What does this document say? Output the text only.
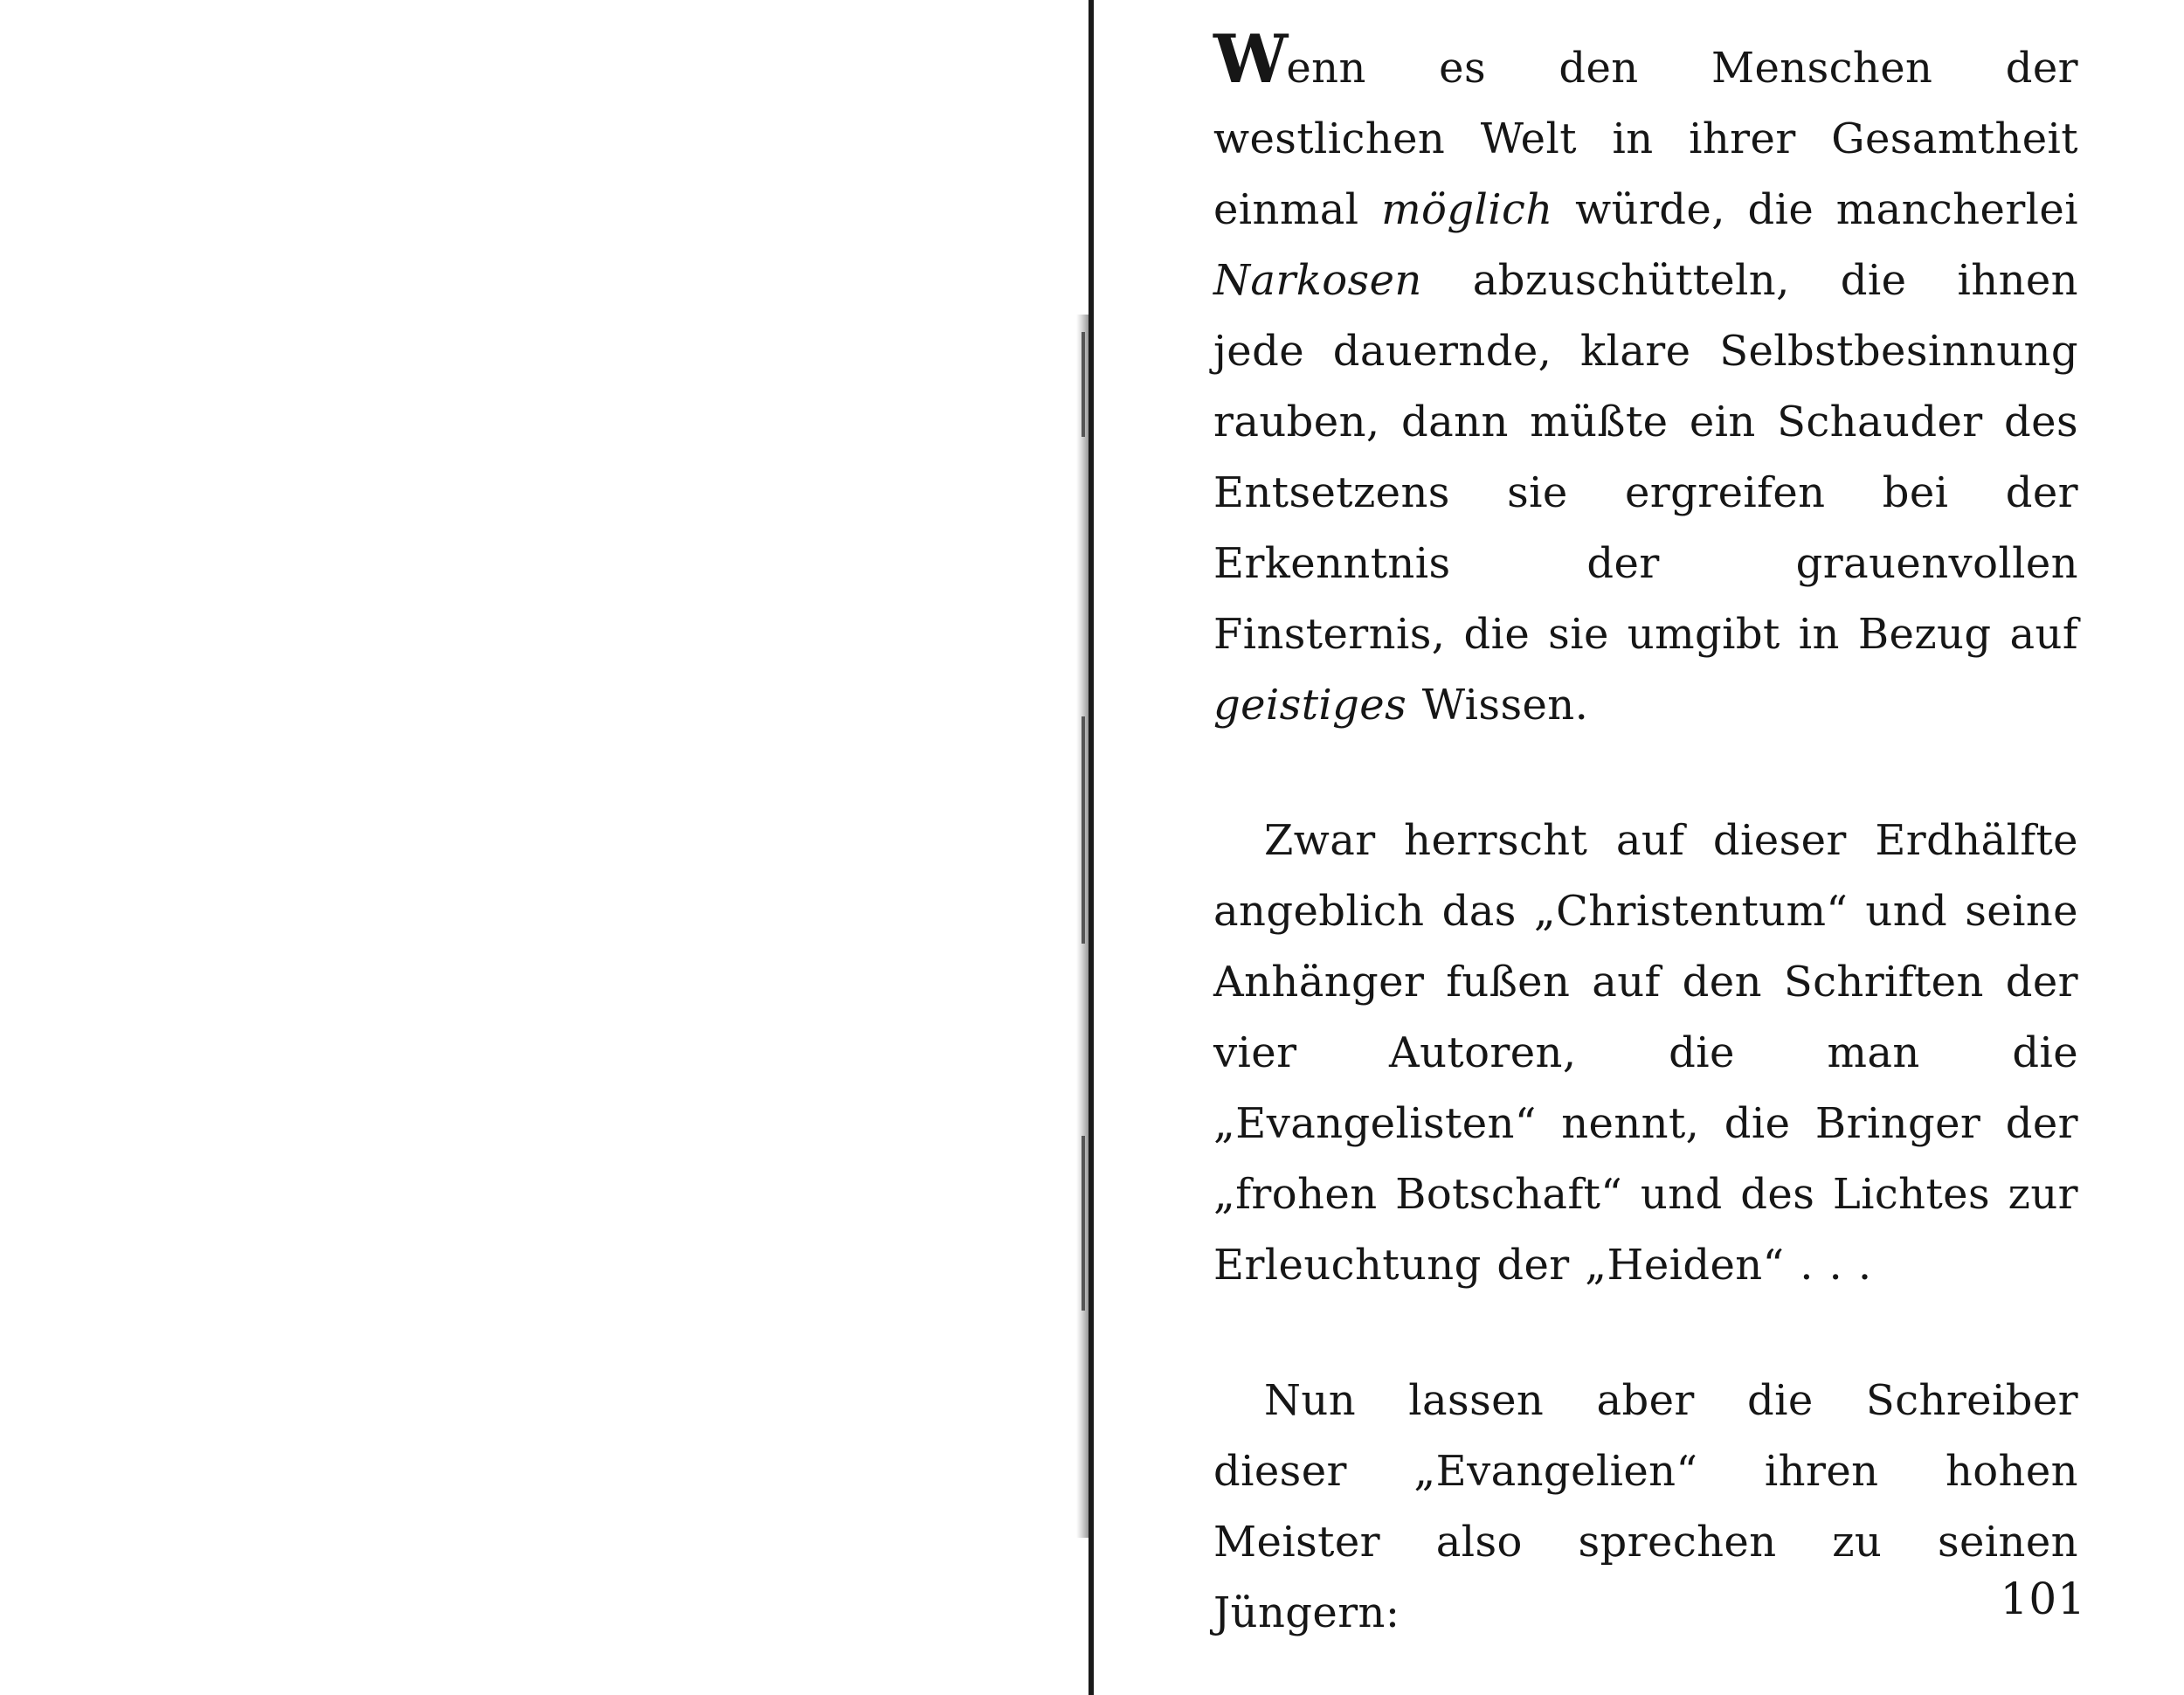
Wenn es den Menschen der westlichen Welt in ihrer Gesamtheit einmal möglich würde, die mancherlei Narkosen abzuschütteln, die ihnen jede dauernde, klare Selbstbesinnung rauben, dann müßte ein Schauder des Entsetzens sie ergreifen bei der Erkenntnis der grauenvollen Finsternis, die sie umgibt in Bezug auf geistiges Wissen.

Zwar herrscht auf dieser Erdhälfte angeblich das „Christentum“ und seine Anhänger fußen auf den Schriften der vier Autoren, die man die „Evangelisten“ nennt, die Bringer der „frohen Botschaft“ und des Lichtes zur Erleuchtung der „Heiden“ . . .

Nun lassen aber die Schreiber dieser „Evangelien“ ihren hohen Meister also sprechen zu seinen Jüngern:	101
